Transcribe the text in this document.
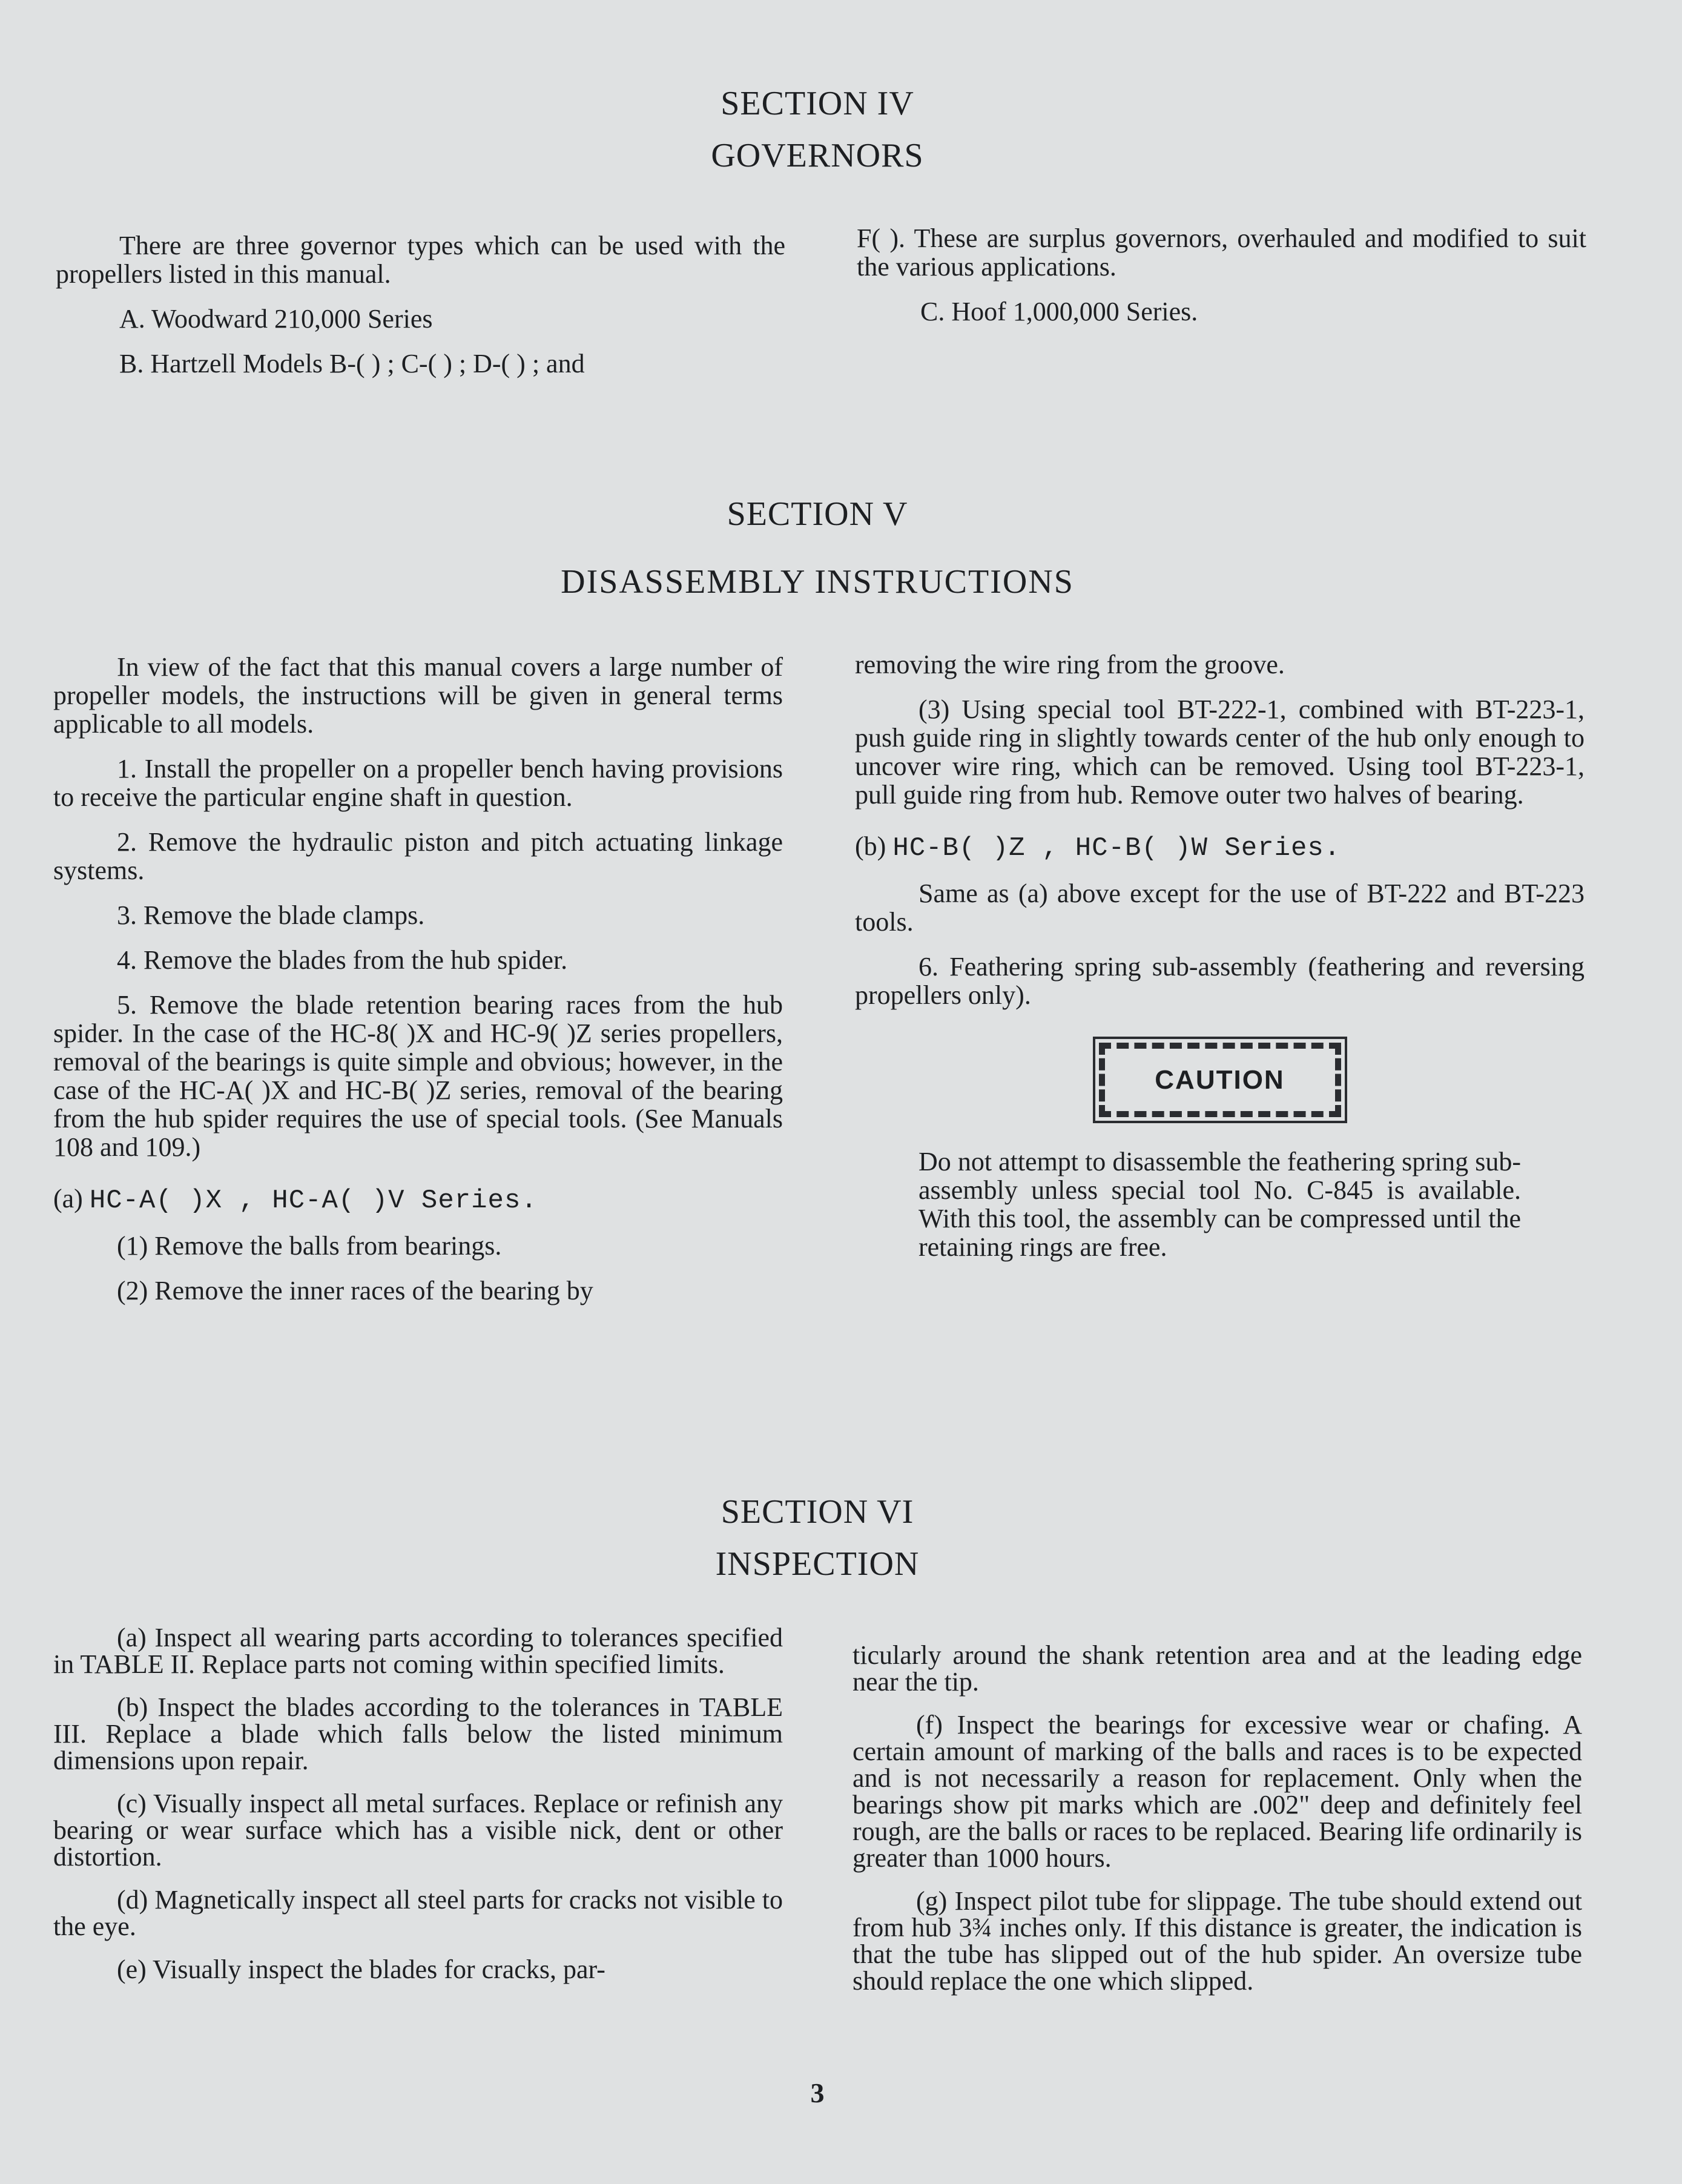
SECTION IV
GOVERNORS

There are three governor types which can be used with the propellers listed in this manual.

A. Woodward 210,000 Series

B. Hartzell Models B-( ) ; C-( ) ; D-( ) ; and

F( ). These are surplus governors, overhauled and modified to suit the various applications.

C. Hoof 1,000,000 Series.

SECTION V
DISASSEMBLY INSTRUCTIONS

In view of the fact that this manual covers a large number of propeller models, the instructions will be given in general terms applicable to all models.

1. Install the propeller on a propeller bench having provisions to receive the particular engine shaft in question.

2. Remove the hydraulic piston and pitch actuating linkage systems.

3. Remove the blade clamps.

4. Remove the blades from the hub spider.

5. Remove the blade retention bearing races from the hub spider. In the case of the HC-8( )X and HC-9( )Z series propellers, removal of the bearings is quite simple and obvious; however, in the case of the HC-A( )X and HC-B( )Z series, removal of the bearing from the hub spider requires the use of special tools. (See Manuals 108 and 109.)

(a) HC-A( )X , HC-A( )V Series.

(1) Remove the balls from bearings.

(2) Remove the inner races of the bearing by

removing the wire ring from the groove.

(3) Using special tool BT-222-1, combined with BT-223-1, push guide ring in slightly towards center of the hub only enough to uncover wire ring, which can be removed. Using tool BT-223-1, pull guide ring from hub. Remove outer two halves of bearing.

(b) HC-B( )Z , HC-B( )W Series.

Same as (a) above except for the use of BT-222 and BT-223 tools.

6. Feathering spring sub-assembly (feathering and reversing propellers only).

CAUTION

Do not attempt to disassemble the feathering spring sub-assembly unless special tool No. C-845 is available. With this tool, the assembly can be compressed until the retaining rings are free.

SECTION VI
INSPECTION

(a) Inspect all wearing parts according to tolerances specified in TABLE II. Replace parts not coming within specified limits.

(b) Inspect the blades according to the tolerances in TABLE III. Replace a blade which falls below the listed minimum dimensions upon repair.

(c) Visually inspect all metal surfaces. Replace or refinish any bearing or wear surface which has a visible nick, dent or other distortion.

(d) Magnetically inspect all steel parts for cracks not visible to the eye.

(e) Visually inspect the blades for cracks, par-

ticularly around the shank retention area and at the leading edge near the tip.

(f) Inspect the bearings for excessive wear or chafing. A certain amount of marking of the balls and races is to be expected and is not necessarily a reason for replacement. Only when the bearings show pit marks which are .002" deep and definitely feel rough, are the balls or races to be replaced. Bearing life ordinarily is greater than 1000 hours.

(g) Inspect pilot tube for slippage. The tube should extend out from hub 3¾ inches only. If this distance is greater, the indication is that the tube has slipped out of the hub spider. An oversize tube should replace the one which slipped.

3
